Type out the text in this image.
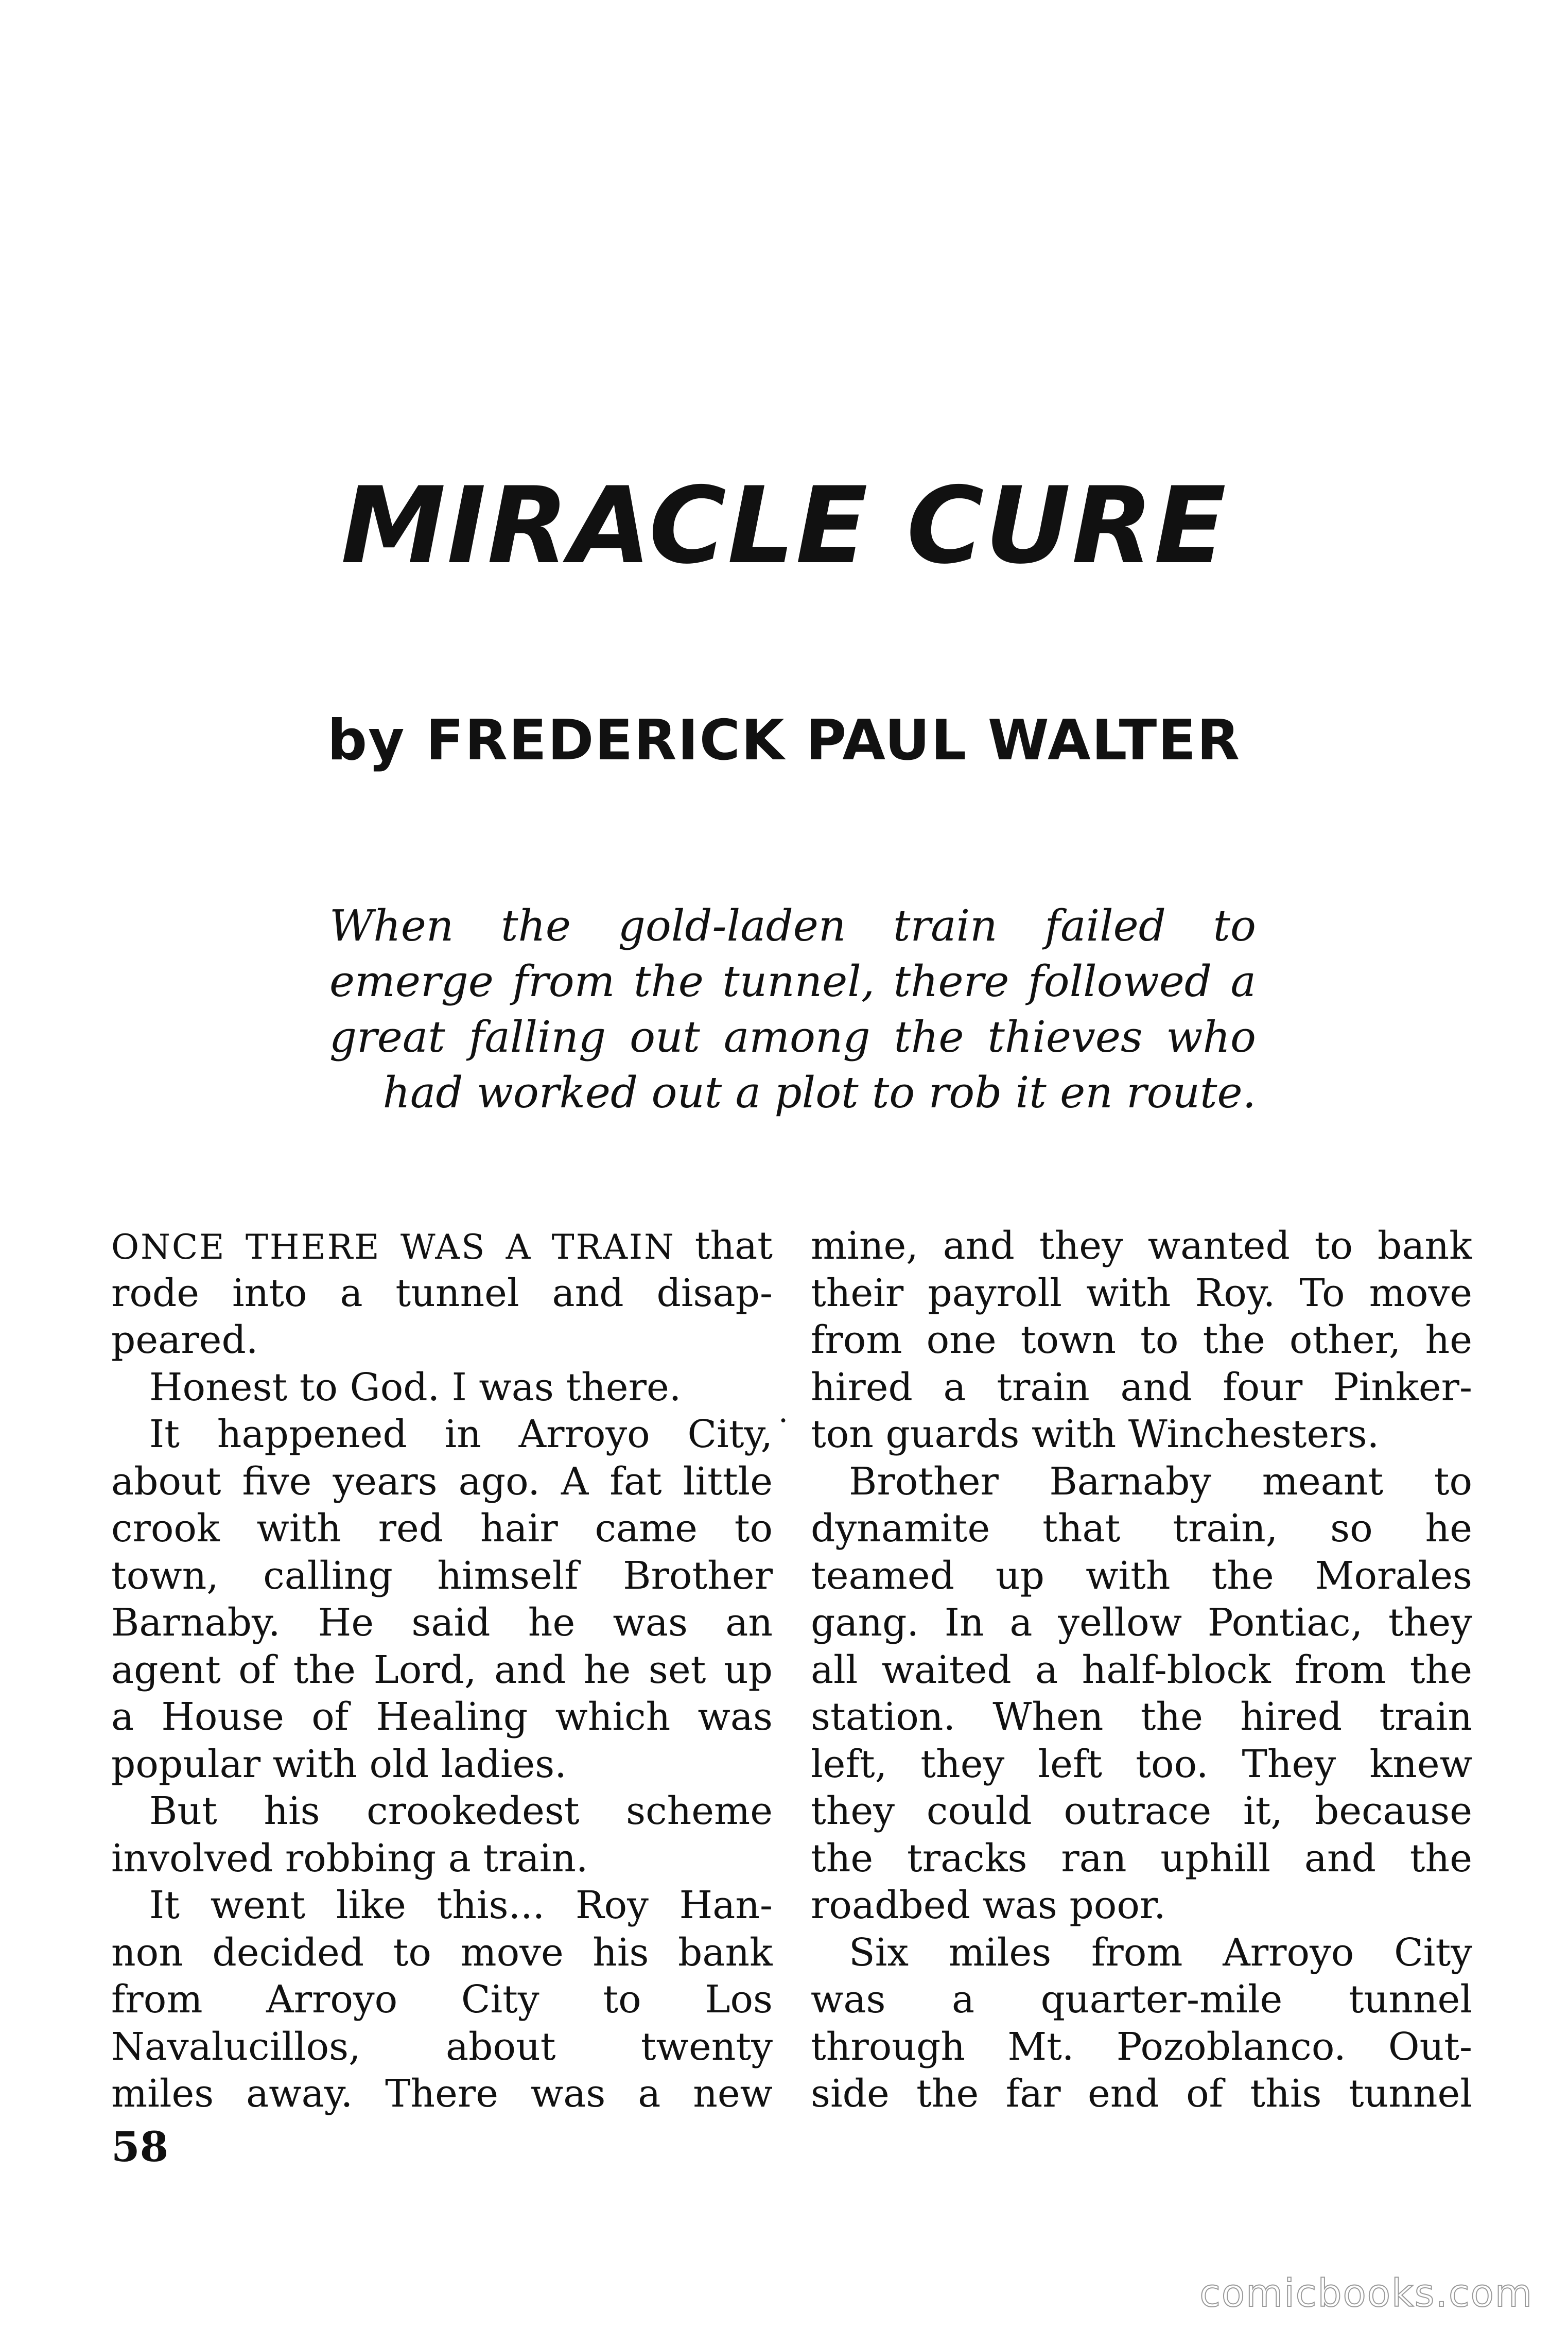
MIRACLE CURE
by FREDERICK PAUL WALTER
When the gold-laden train failed to
emerge from the tunnel, there followed a
great falling out among the thieves who
had worked out a plot to rob it en route.
ONCE THERE WAS A TRAIN that
rode into a tunnel and disap-
peared.
Honest to God. I was there.
It happened in Arroyo City,
about five years ago. A fat little
crook with red hair came to
town, calling himself Brother
Barnaby. He said he was an
agent of the Lord, and he set up
a House of Healing which was
popular with old ladies.
But his crookedest scheme
involved robbing a train.
It went like this... Roy Han-
non decided to move his bank
from Arroyo City to Los
Navalucillos, about twenty
miles away. There was a new
.
mine, and they wanted to bank
their payroll with Roy. To move
from one town to the other, he
hired a train and four Pinker-
ton guards with Winchesters.
Brother Barnaby meant to
dynamite that train, so he
teamed up with the Morales
gang. In a yellow Pontiac, they
all waited a half-block from the
station. When the hired train
left, they left too. They knew
they could outrace it, because
the tracks ran uphill and the
roadbed was poor.
Six miles from Arroyo City
was a quarter-mile tunnel
through Mt. Pozoblanco. Out-
side the far end of this tunnel
58
comicbooks.com
